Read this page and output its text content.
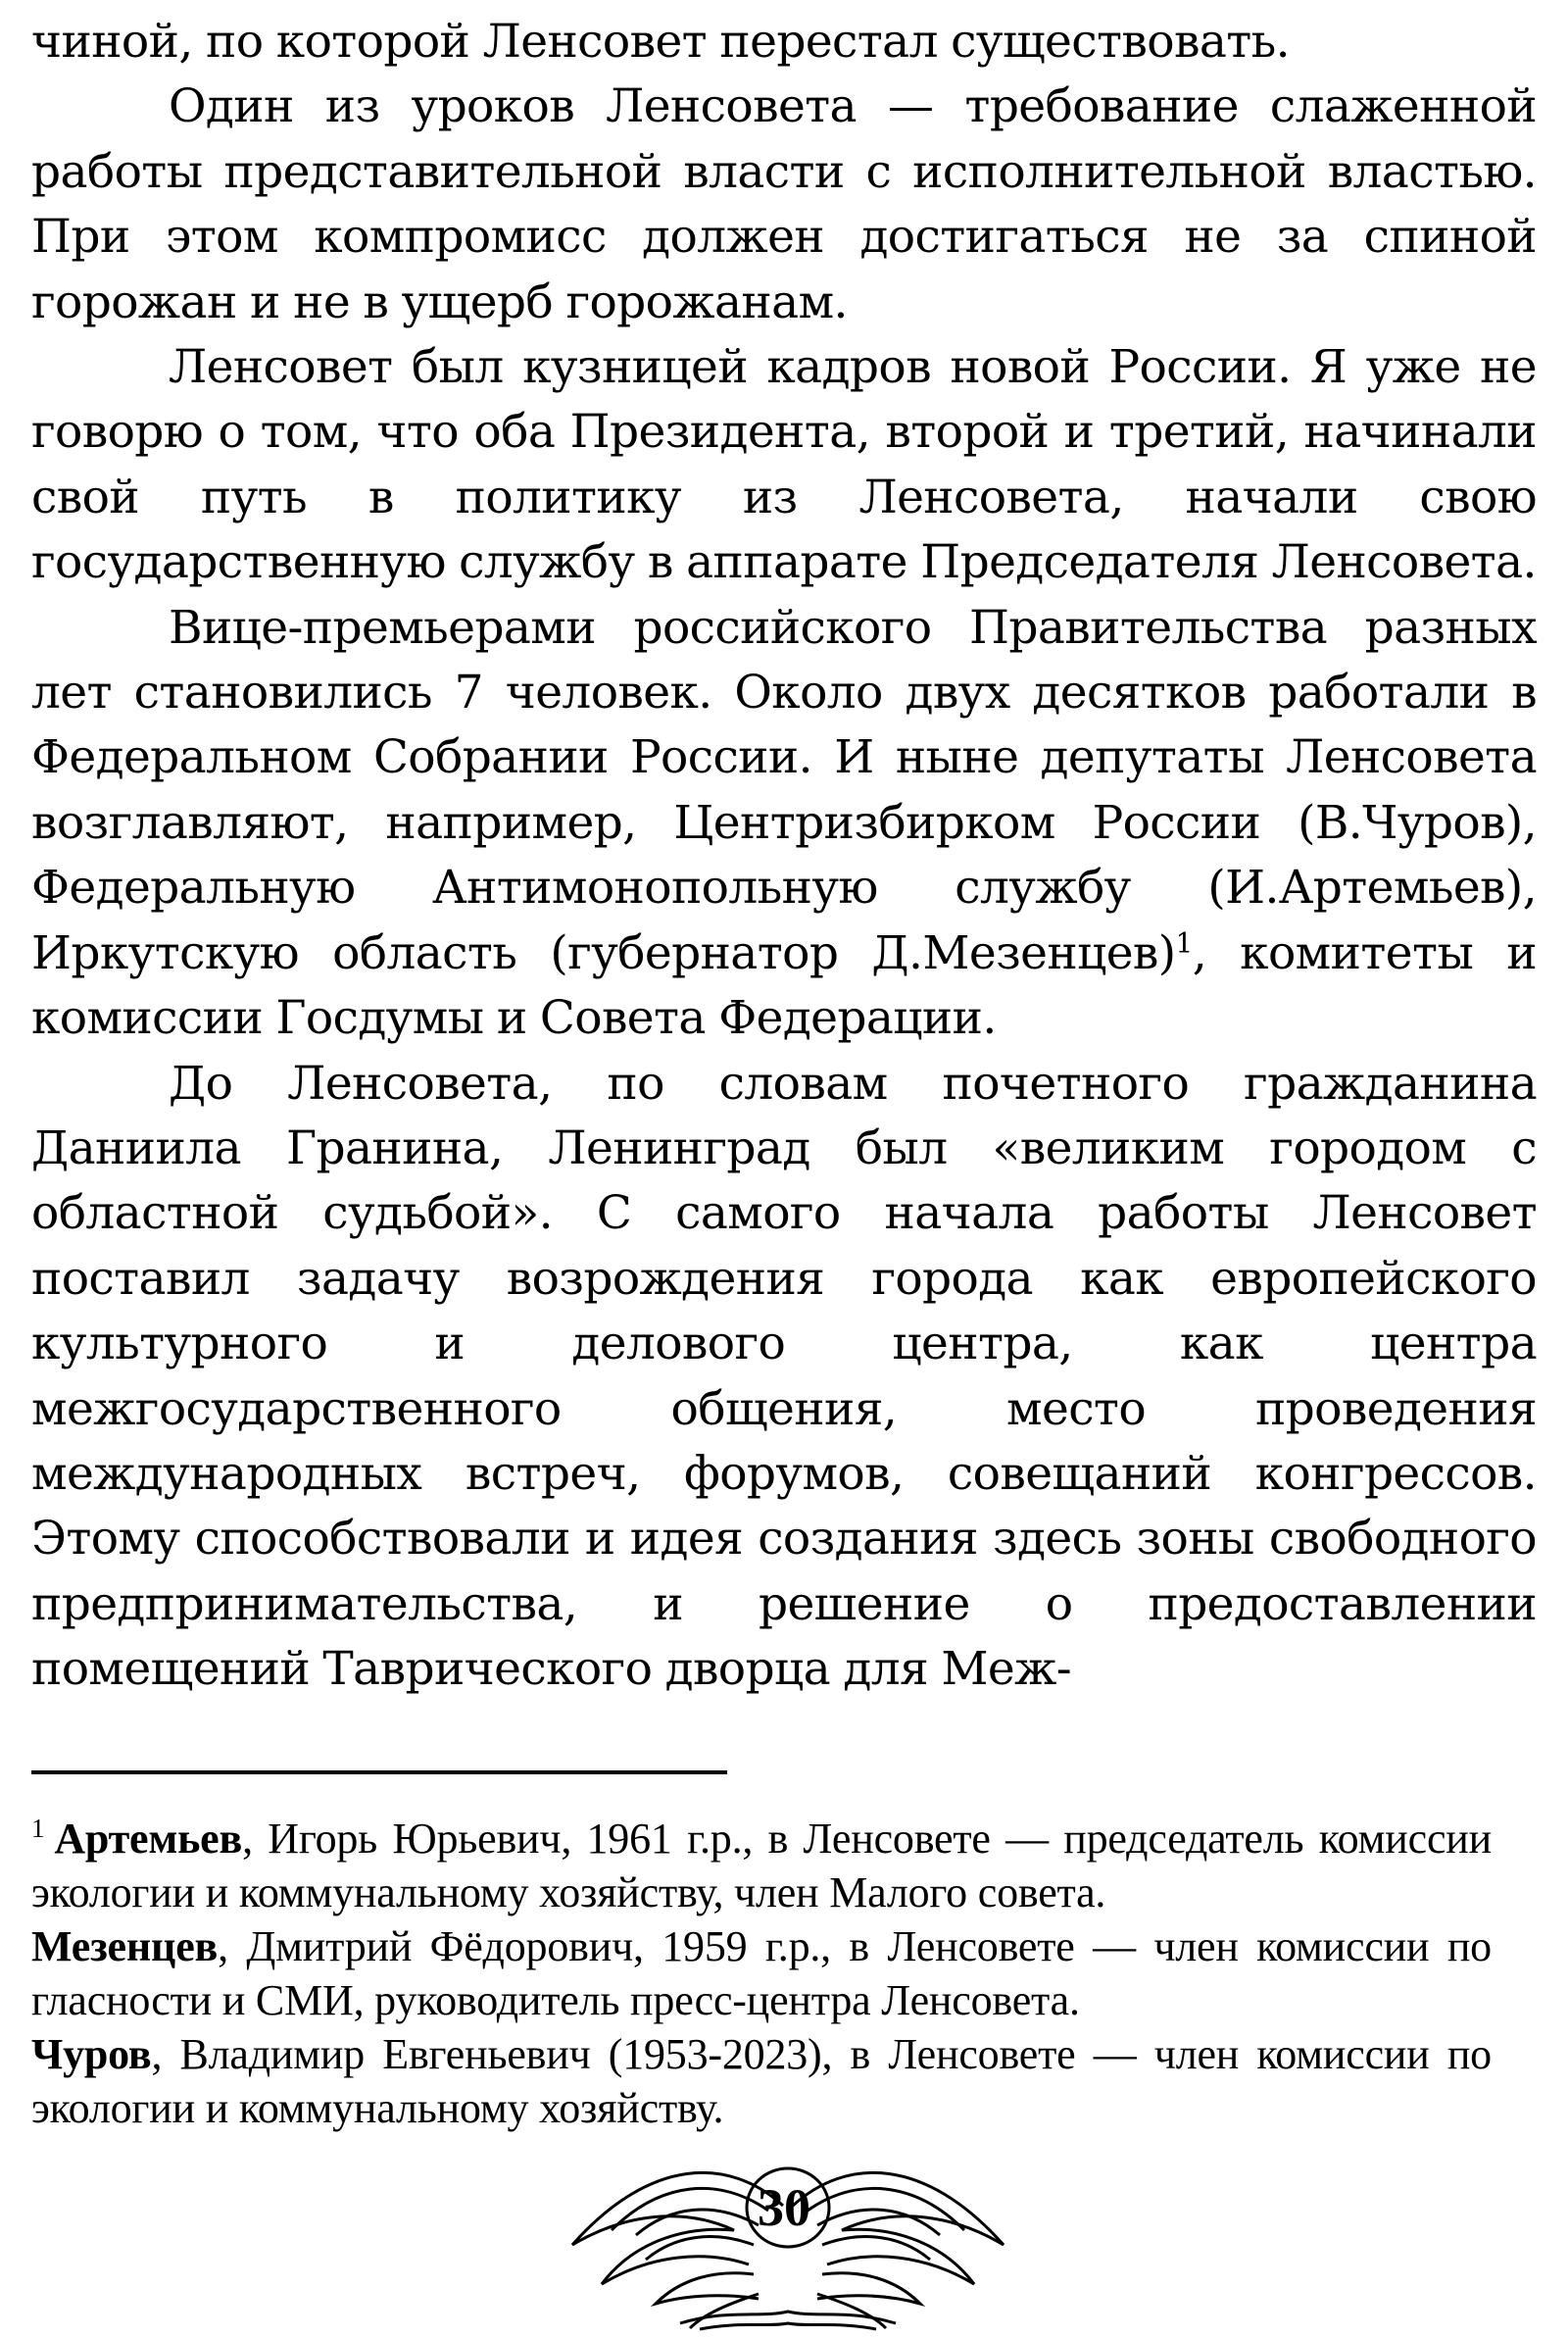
чиной, по которой Ленсовет перестал существовать.

Один из уроков Ленсовета — требование слаженной работы представительной власти с исполнительной властью. При этом компромисс должен достигаться не за спиной горожан и не в ущерб горожанам.

Ленсовет был кузницей кадров новой России. Я уже не говорю о том, что оба Президента, второй и третий, начинали свой путь в политику из Ленсовета, начали свою государственную службу в аппарате Председателя Ленсовета.

Вице-премьерами российского Правительства разных лет становились 7 человек. Около двух десятков работали в Федеральном Собрании России. И ныне депутаты Ленсовета возглавляют, например, Центризбирком России (В.Чуров), Федеральную Антимонопольную службу (И.Артемьев), Иркутскую область (губернатор Д.Мезенцев)$^1$, комитеты и комиссии Госдумы и Совета Федерации.

До Ленсовета, по словам почетного гражданина Даниила Гранина, Ленинград был «великим городом с областной судьбой». С самого начала работы Ленсовет поставил задачу возрождения города как европейского культурного и делового центра, как центра межгосударственного общения, место проведения международных встреч, форумов, совещаний конгрессов. Этому способствовали и идея создания здесь зоны свободного предпринимательства, и решение о предоставлении помещений Таврического дворца для Меж-

$^1$ Артемьев, Игорь Юрьевич, 1961 г.р., в Ленсовете — председатель комиссии экологии и коммунальному хозяйству, член Малого совета.

Мезенцев, Дмитрий Фёдорович, 1959 г.р., в Ленсовете — член комиссии по гласности и СМИ, руководитель пресс-центра Ленсовета.

Чуров, Владимир Евгеньевич (1953-2023), в Ленсовете — член комиссии по экологии и коммунальному хозяйству.

30
